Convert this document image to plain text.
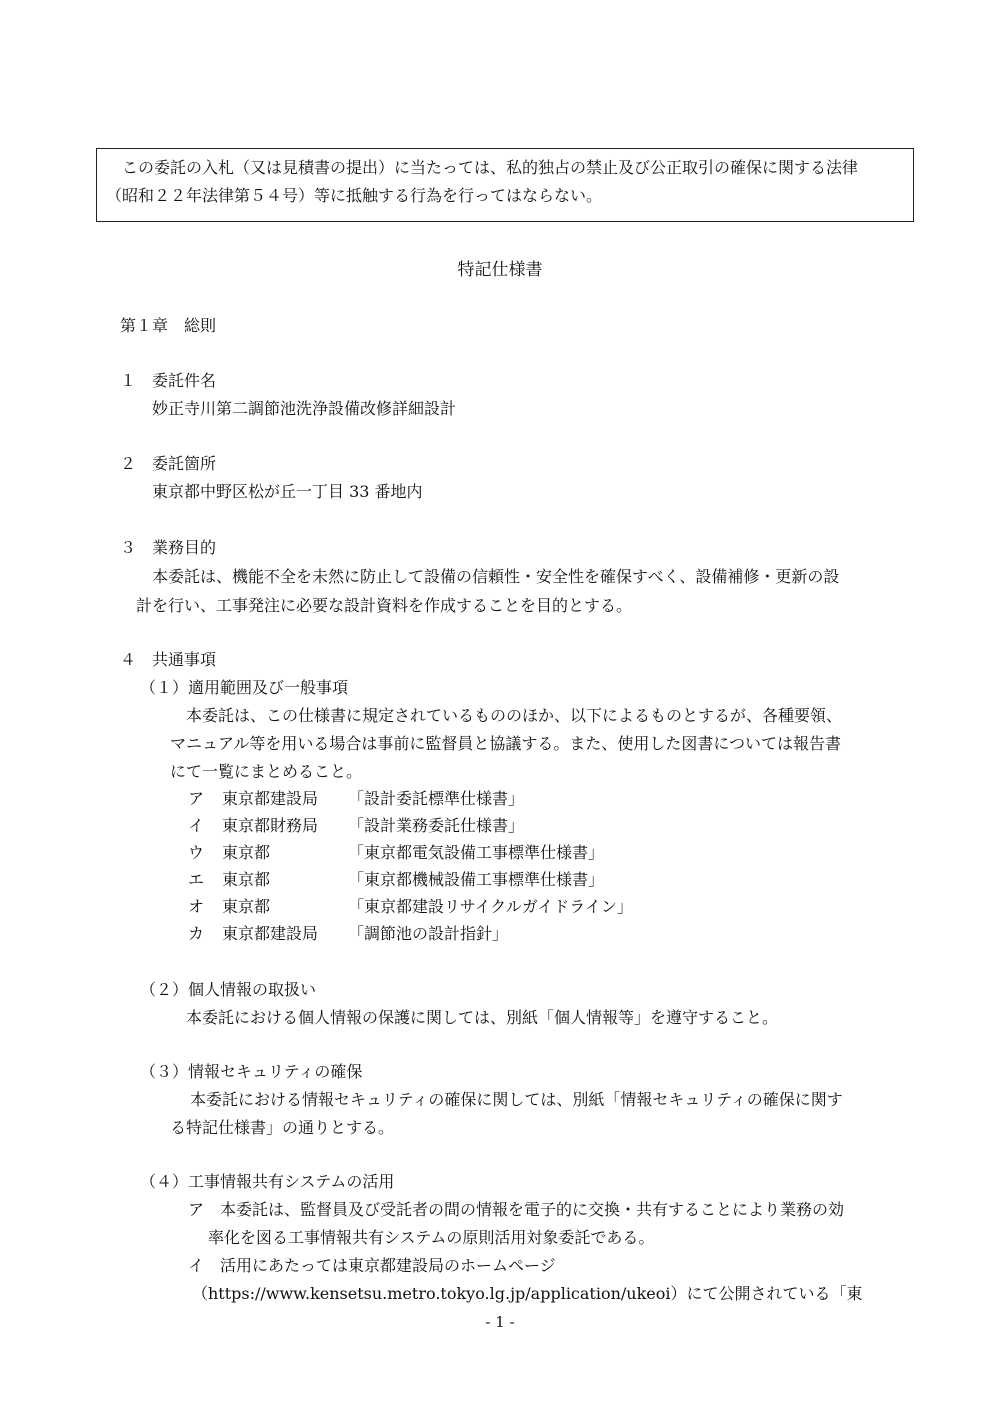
この委託の入札（又は見積書の提出）に当たっては、私的独占の禁止及び公正取引の確保に関する法律
（昭和２２年法律第５４号）等に抵触する行為を行ってはならない。
特記仕様書
第１章　総則
１　委託件名
妙正寺川第二調節池洗浄設備改修詳細設計
２　委託箇所
東京都中野区松が丘一丁目 33 番地内
３　業務目的
本委託は、機能不全を未然に防止して設備の信頼性・安全性を確保すべく、設備補修・更新の設
計を行い、工事発注に必要な設計資料を作成することを目的とする。
４　共通事項
（１）適用範囲及び一般事項
本委託は、この仕様書に規定されているもののほか、以下によるものとするが、各種要領、
マニュアル等を用いる場合は事前に監督員と協議する。また、使用した図書については報告書
にて一覧にまとめること。
ア 東京都建設局 「設計委託標準仕様書」
イ 東京都財務局 「設計業務委託仕様書」
ウ 東京都	「東京都電気設備工事標準仕様書」
エ 東京都	「東京都機械設備工事標準仕様書」
オ 東京都	「東京都建設リサイクルガイドライン」
カ 東京都建設局 「調節池の設計指針」
（２）個人情報の取扱い
本委託における個人情報の保護に関しては、別紙「個人情報等」を遵守すること。
（３）情報セキュリティの確保
本委託における情報セキュリティの確保に関しては、別紙「情報セキュリティの確保に関す
る特記仕様書」の通りとする。
（４）工事情報共有システムの活用
ア　本委託は、監督員及び受託者の間の情報を電子的に交換・共有することにより業務の効
率化を図る工事情報共有システムの原則活用対象委託である。
イ　活用にあたっては東京都建設局のホームページ
（https://www.kensetsu.metro.tokyo.lg.jp/application/ukeoi）にて公開されている「東
- 1 -
